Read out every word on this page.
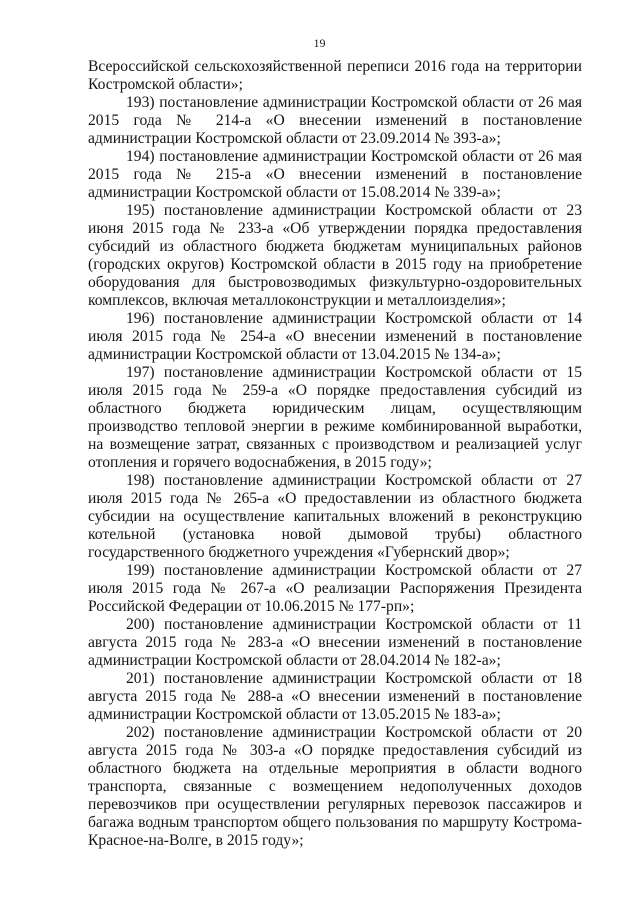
19

Всероссийской сельскохозяйственной переписи 2016 года на территории Костромской области»;

193) постановление администрации Костромской области от 26 мая 2015 года № 214-а «О внесении изменений в постановление администрации Костромской области от 23.09.2014 № 393-а»;

194) постановление администрации Костромской области от 26 мая 2015 года № 215-а «О внесении изменений в постановление администрации Костромской области от 15.08.2014 № 339-а»;

195) постановление администрации Костромской области от 23 июня 2015 года № 233-а «Об утверждении порядка предоставления субсидий из областного бюджета бюджетам муниципальных районов (городских округов) Костромской области в 2015 году на приобретение оборудования для быстровозводимых физкультурно-оздоровительных комплексов, включая металлоконструкции и металлоизделия»;

196) постановление администрации Костромской области от 14 июля 2015 года № 254-а «О внесении изменений в постановление администрации Костромской области от 13.04.2015 № 134-а»;

197) постановление администрации Костромской области от 15 июля 2015 года № 259-а «О порядке предоставления субсидий из областного бюджета юридическим лицам, осуществляющим производство тепловой энергии в режиме комбинированной выработки, на возмещение затрат, связанных с производством и реализацией услуг отопления и горячего водоснабжения, в 2015 году»;

198) постановление администрации Костромской области от 27 июля 2015 года № 265-а «О предоставлении из областного бюджета субсидии на осуществление капитальных вложений в реконструкцию котельной (установка новой дымовой трубы) областного государственного бюджетного учреждения «Губернский двор»;

199) постановление администрации Костромской области от 27 июля 2015 года № 267-а «О реализации Распоряжения Президента Российской Федерации от 10.06.2015 № 177-рп»;

200) постановление администрации Костромской области от 11 августа 2015 года № 283-а «О внесении изменений в постановление администрации Костромской области от 28.04.2014 № 182-а»;

201) постановление администрации Костромской области от 18 августа 2015 года № 288-а «О внесении изменений в постановление администрации Костромской области от 13.05.2015 № 183-а»;

202) постановление администрации Костромской области от 20 августа 2015 года № 303-а «О порядке предоставления субсидий из областного бюджета на отдельные мероприятия в области водного транспорта, связанные с возмещением недополученных доходов перевозчиков при осуществлении регулярных перевозок пассажиров и багажа водным транспортом общего пользования по маршруту Кострома-Красное-на-Волге, в 2015 году»;
